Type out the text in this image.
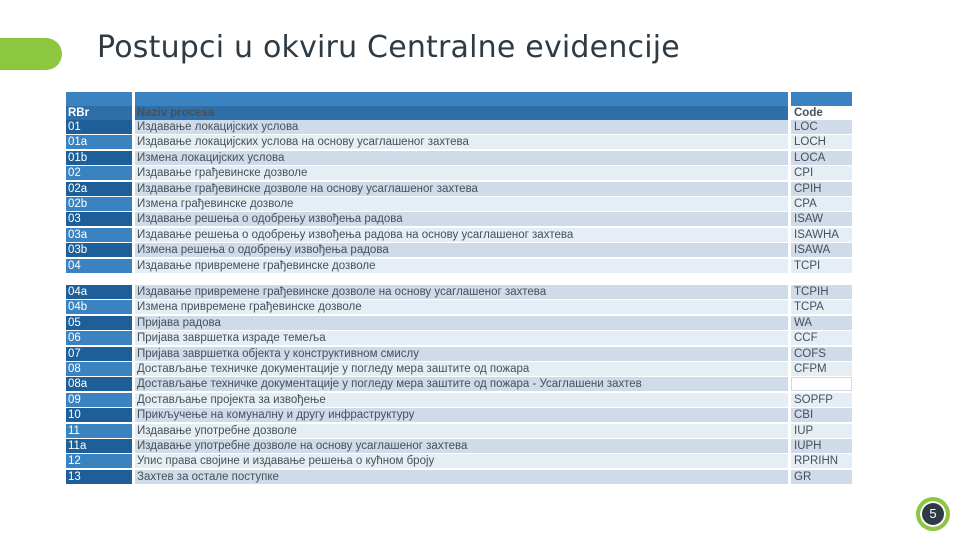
Postupci u okviru Centralne evidencije
RBr	Naziv procesa	Code
01	Издавање локацијских услова	LOC
01a	Издавање локацијских услова на основу усаглашеног захтева	LOCH
01b	Измена локацијских услова	LOCA
02	Издавање грађевинске дозволе	CPI
02a	Издавање грађевинске дозволе на основу усаглашеног захтева	CPIH
02b	Измена грађевинске дозволе	CPA
03	Издавање решења о одобрењу извођења радова	ISAW
03a	Издавање решења о одобрењу извођења радова на основу усаглашеног захтева	ISAWHA
03b	Измена решења о одобрењу извођења радова	ISAWA
04	Издавање привремене грађевинске дозволе	TCPI
04a	Издавање привремене грађевинске дозволе на основу усаглашеног захтева	TCPIH
04b	Измена привремене грађевинске дозволе	TCPA
05	Пријава радова	WA
06	Пријава завршетка израде темеља	CCF
07	Пријава завршетка објекта у конструктивном смислу	COFS
08	Достављање техничке документације у погледу мера заштите од пожара	CFPM
08a	Достављање техничке документације у погледу мера заштите од пожара - Усаглашени захтев
09	Достављање пројекта за извођење	SOPFP
10	Прикључење на комуналну и другу инфраструктуру	CBI
11	Издавање употребне дозволе	IUP
11a	Издавање употребне дозволе на основу усаглашеног захтева	IUPH
12	Упис права својине и издавање решења о кућном броју	RPRIHN
13	Захтев за остале поступке	GR
5
